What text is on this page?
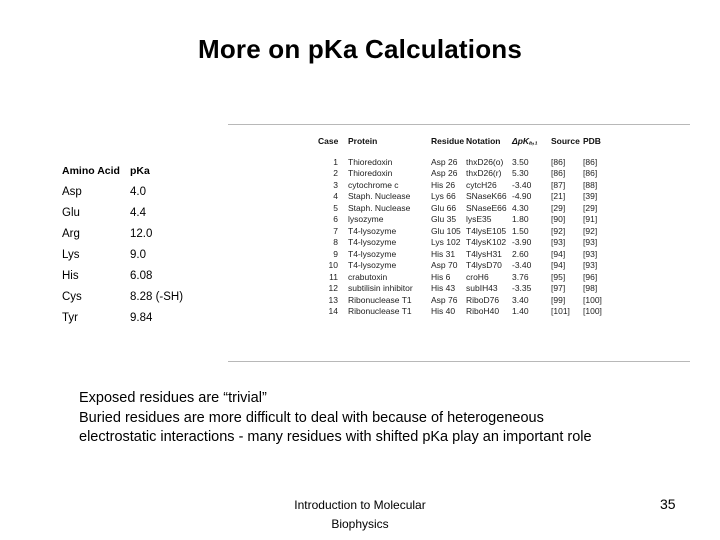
More on pKa Calculations
Amino Acid	pKa
Asp	4.0
Glu	4.4
Arg	12.0
Lys	9.0
His	6.08
Cys	8.28 (-SH)
Tyr	9.84
Case	Protein	Residue	Notation	ΔpKₐ,₁	Source	PDB
1	Thioredoxin	Asp 26	thxD26(o)	3.50	[86]	[86]
2	Thioredoxin	Asp 26	thxD26(r)	5.30	[86]	[86]
3	cytochrome c	His 26	cytcH26	-3.40	[87]	[88]
4	Staph. Nuclease	Lys 66	SNaseK66	-4.90	[21]	[39]
5	Staph. Nuclease	Glu 66	SNaseE66	4.30	[29]	[29]
6	lysozyme	Glu 35	lysE35	1.80	[90]	[91]
7	T4-lysozyme	Glu 105	T4lysE105	1.50	[92]	[92]
8	T4-lysozyme	Lys 102	T4lysK102	-3.90	[93]	[93]
9	T4-lysozyme	His 31	T4lysH31	2.60	[94]	[93]
10	T4-lysozyme	Asp 70	T4lysD70	-3.40	[94]	[93]
11	crabutoxin	His 6	croH6	3.76	[95]	[96]
12	subtilisin inhibitor	His 43	subIH43	-3.35	[97]	[98]
13	Ribonuclease T1	Asp 76	RiboD76	3.40	[99]	[100]
14	Ribonuclease T1	His 40	RiboH40	1.40	[101]	[100]
Exposed residues are “trivial”
Buried residues are more difficult to deal with because of heterogeneous
electrostatic interactions - many residues with shifted pKa play an important role
Introduction to Molecular
Biophysics
35
